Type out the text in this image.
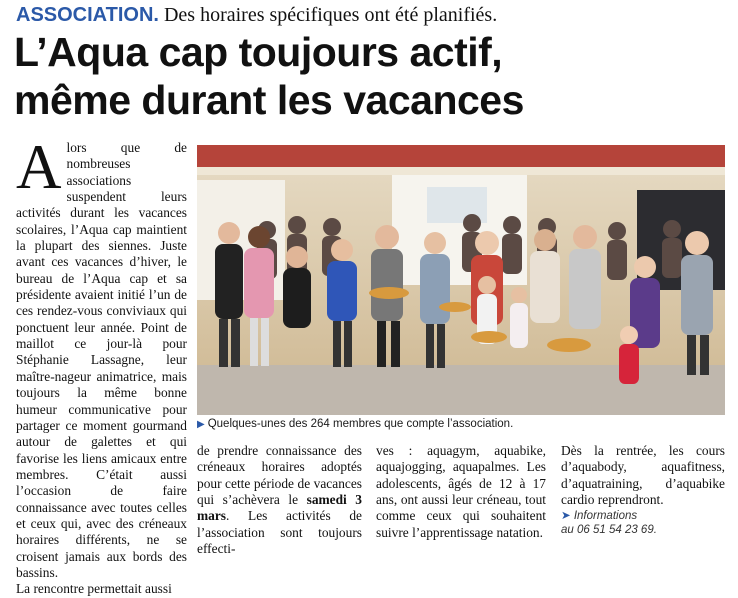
ASSOCIATION. Des horaires spécifiques ont été planifiés.
L’Aqua cap toujours actif,
même durant les vacances
Alors que de nombreuses associations suspendent leurs activités durant les vacances scolaires, l’Aqua cap maintient la plupart des siennes. Juste avant ces vacances d’hiver, le bureau de l’Aqua cap et sa présidente avaient initié l’un de ces rendez-vous conviviaux qui ponctuent leur année. Point de maillot ce jour-là pour Stéphanie Lassagne, leur maître-nageur animatrice, mais toujours la même bonne humeur communicative pour partager ce moment gourmand autour de galettes et qui favorise les liens amicaux entre membres. C’était aussi l’occasion de faire connaissance avec toutes celles et ceux qui, avec des créneaux horaires différents, ne se croisent jamais aux bords des bassins.
La rencontre permettait aussi
▶ Quelques-unes des 264 membres que compte l’association.
de prendre connaissance des créneaux horaires adoptés pour cette période de vacances qui s’achèvera le samedi 3 mars. Les activités de l’association sont toujours effecti-
ves : aquagym, aquabike, aquajogging, aquapalmes. Les adolescents, âgés de 12 à 17 ans, ont aussi leur créneau, tout comme ceux qui souhaitent suivre l’apprentissage natation.
Dès la rentrée, les cours d’aquabody, aquafitness, d’aquatraining, d’aquabike cardio reprendront.
➤ Informations
au 06 51 54 23 69.
